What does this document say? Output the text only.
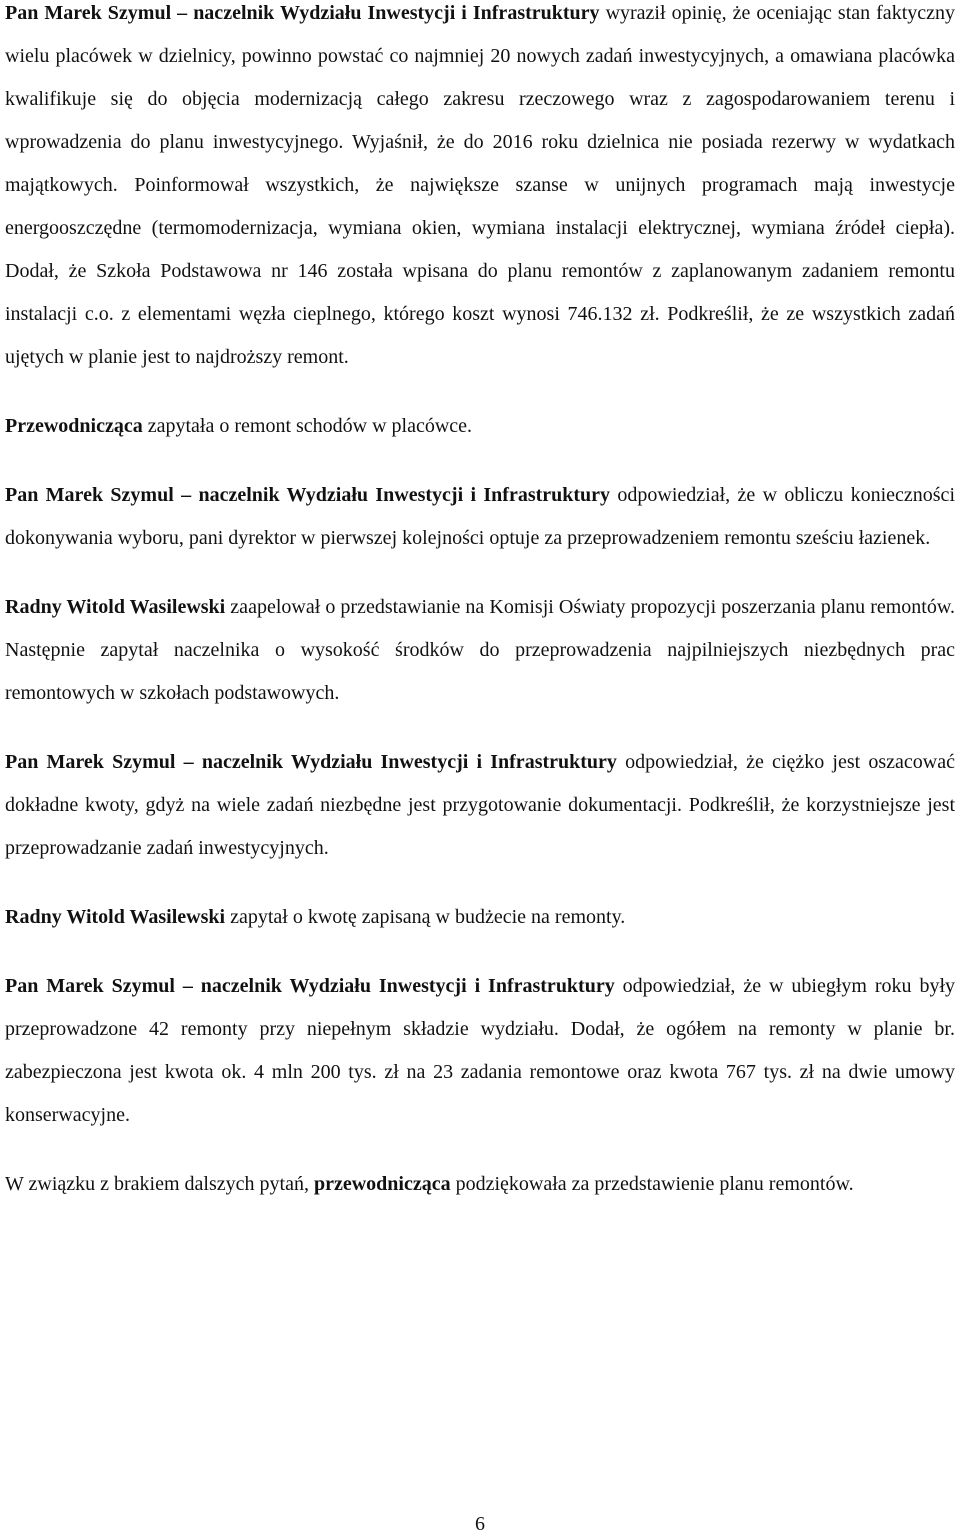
Pan Marek Szymul – naczelnik Wydziału Inwestycji i Infrastruktury wyraził opinię, że oceniając stan faktyczny wielu placówek w dzielnicy, powinno powstać co najmniej 20 nowych zadań inwestycyjnych, a omawiana placówka kwalifikuje się do objęcia modernizacją całego zakresu rzeczowego wraz z zagospodarowaniem terenu i wprowadzenia do planu inwestycyjnego. Wyjaśnił, że do 2016 roku dzielnica nie posiada rezerwy w wydatkach majątkowych. Poinformował wszystkich, że największe szanse w unijnych programach mają inwestycje energooszczędne (termomodernizacja, wymiana okien, wymiana instalacji elektrycznej, wymiana źródeł ciepła). Dodał, że Szkoła Podstawowa nr 146 została wpisana do planu remontów z zaplanowanym zadaniem remontu instalacji c.o. z elementami węzła cieplnego, którego koszt wynosi 746.132 zł. Podkreślił, że ze wszystkich zadań ujętych w planie jest to najdroższy remont.

Przewodnicząca zapytała o remont schodów w placówce.

Pan Marek Szymul – naczelnik Wydziału Inwestycji i Infrastruktury odpowiedział, że w obliczu konieczności dokonywania wyboru, pani dyrektor w pierwszej kolejności optuje za przeprowadzeniem remontu sześciu łazienek.

Radny Witold Wasilewski zaapelował o przedstawianie na Komisji Oświaty propozycji poszerzania planu remontów. Następnie zapytał naczelnika o wysokość środków do przeprowadzenia najpilniejszych niezbędnych prac remontowych w szkołach podstawowych.

Pan Marek Szymul – naczelnik Wydziału Inwestycji i Infrastruktury odpowiedział, że ciężko jest oszacować dokładne kwoty, gdyż na wiele zadań niezbędne jest przygotowanie dokumentacji. Podkreślił, że korzystniejsze jest przeprowadzanie zadań inwestycyjnych.

Radny Witold Wasilewski zapytał o kwotę zapisaną w budżecie na remonty.

Pan Marek Szymul – naczelnik Wydziału Inwestycji i Infrastruktury odpowiedział, że w ubiegłym roku były przeprowadzone 42 remonty przy niepełnym składzie wydziału. Dodał, że ogółem na remonty w planie br. zabezpieczona jest kwota ok. 4 mln 200 tys. zł na 23 zadania remontowe oraz kwota 767 tys. zł na dwie umowy konserwacyjne.

W związku z brakiem dalszych pytań, przewodnicząca podziękowała za przedstawienie planu remontów.

6
